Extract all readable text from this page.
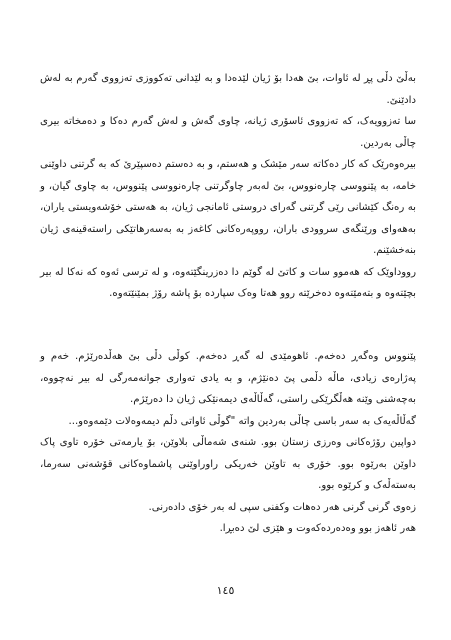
بەڵێ دڵی پڕ لە ئاوات، بێ هەدا بۆ ژیان لێدەدا و بە لێدانی تەکووزی تەزووی گەرم بە لەش دادێنێ.

سا تەزوویەک، کە تەزووی ئاسۆری ژیانە، چاوی گەش و لەش گەرم دەکا و دەمخاتە بیری چاڵی بەردین.

بیرەوەرێک کە کار دەکاتە سەر مێشک و هەستم، و بە دەستم دەسپێرێ کە بە گرتنی داوێنی خامە، بە پێنووسی چارەنووس، بێ لەبەر چاوگرتنی چارەنووسی پێنووس، بە چاوی گیان، و بە رەنگ کێشانی رێی گرتنی گەرای دروستی ئامانجی ژیان، بە هەستی خۆشەویستی یاران، بەهەوای ورێنگەی سروودی باران، رووپەرەکانی کاغەز بە بەسەرهاتێکی راستەقینەی ژیان بنەخشێنم.

رووداوێک کە هەموو سات و کاتێ لە گوێم دا دەزرینگێتەوە، و لە ترسی ئەوە کە نەکا لە بیر بچێتەوە و بتەمێتەوە دەخرێتە روو هەتا وەک سپاردە بۆ پاشە رۆژ بمێنێتەوە.

پێنووس وەگەڕ دەخەم. ئاهومێدی لە گەڕ دەخەم. کوڵی دڵی بێ هەڵدەرێژم. خەم و پەژارەی زیادی، ماڵە دڵمی پێ دەنێژم، و بە یادی تەواری جوانەمەرگی لە بیر نەچووە، بەچەشنی وێنە هەڵگرێکی راستی، گەڵاڵەی دیمەنێکی ژیان دا دەرێژم.

گەڵاڵەیەک بە سەر باسی چاڵی بەردین واتە "گوڵی ئاواتی دڵم دیمەوەلات دێمەوەو...

دواپین رۆژەکانی وەرزی زستان بوو. شنەی شەماڵی بلاوێن، بۆ یارمەتی خۆرە تاوی پاک داوێن بەرێوە بوو. خۆری بە تاوێن خەریکی راوراوێنی پاشماوەکانی قۆشەنی سەرما، بەستەڵەک و کرێوە بوو.

زەوی گرنی گرنی هەر دەهات وکفنی سپی لە بەر خۆی دادەرنی.

هەر ئاهەز بوو وەدەردەکەوت و هێزی لێ دەبڕا.

١٤٥
